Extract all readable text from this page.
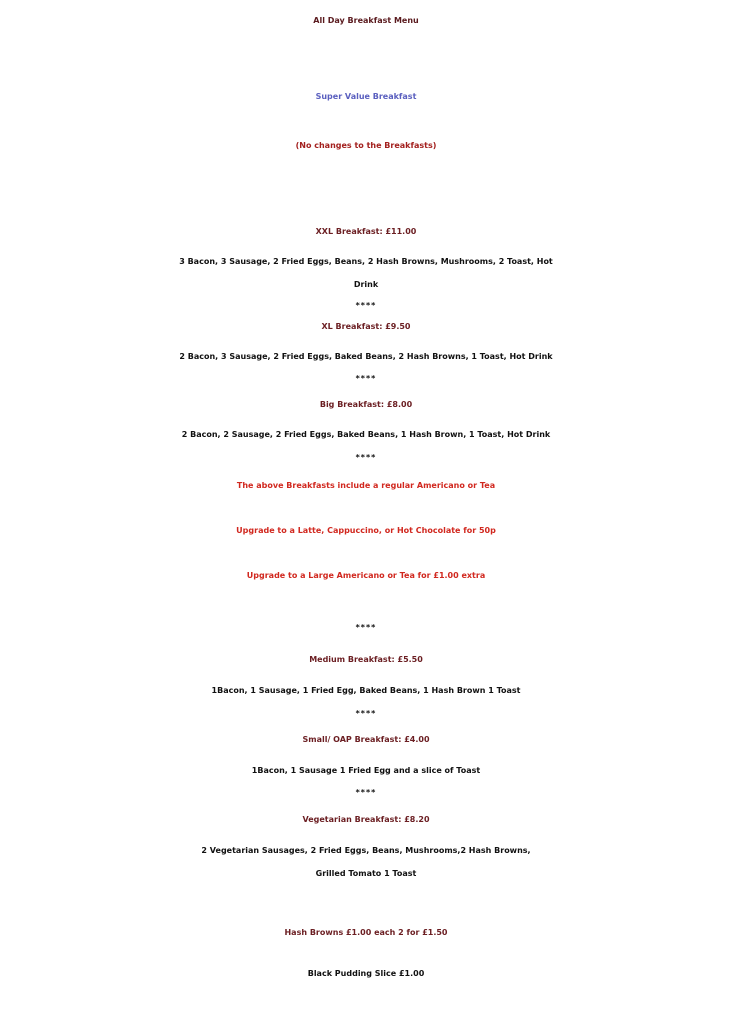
All Day Breakfast Menu
Super Value Breakfast
(No changes to the Breakfasts)
XXL Breakfast: £11.00
3 Bacon, 3 Sausage, 2 Fried Eggs, Beans, 2 Hash Browns, Mushrooms, 2 Toast, Hot
Drink
****
XL Breakfast: £9.50
2 Bacon, 3 Sausage, 2 Fried Eggs, Baked Beans, 2 Hash Browns, 1 Toast, Hot Drink
****
Big Breakfast: £8.00
2 Bacon, 2 Sausage, 2 Fried Eggs, Baked Beans, 1 Hash Brown, 1 Toast, Hot Drink
****
The above Breakfasts include a regular Americano or Tea
Upgrade to a Latte, Cappuccino, or Hot Chocolate for 50p
Upgrade to a Large Americano or Tea for £1.00 extra
****
Medium Breakfast: £5.50
1Bacon, 1 Sausage, 1 Fried Egg, Baked Beans, 1 Hash Brown 1 Toast
****
Small/ OAP Breakfast: £4.00
1Bacon, 1 Sausage 1 Fried Egg and a slice of Toast
****
Vegetarian Breakfast: £8.20
2 Vegetarian Sausages, 2 Fried Eggs, Beans, Mushrooms,2 Hash Browns,
Grilled Tomato 1 Toast
Hash Browns £1.00 each 2 for £1.50
Black Pudding Slice £1.00
